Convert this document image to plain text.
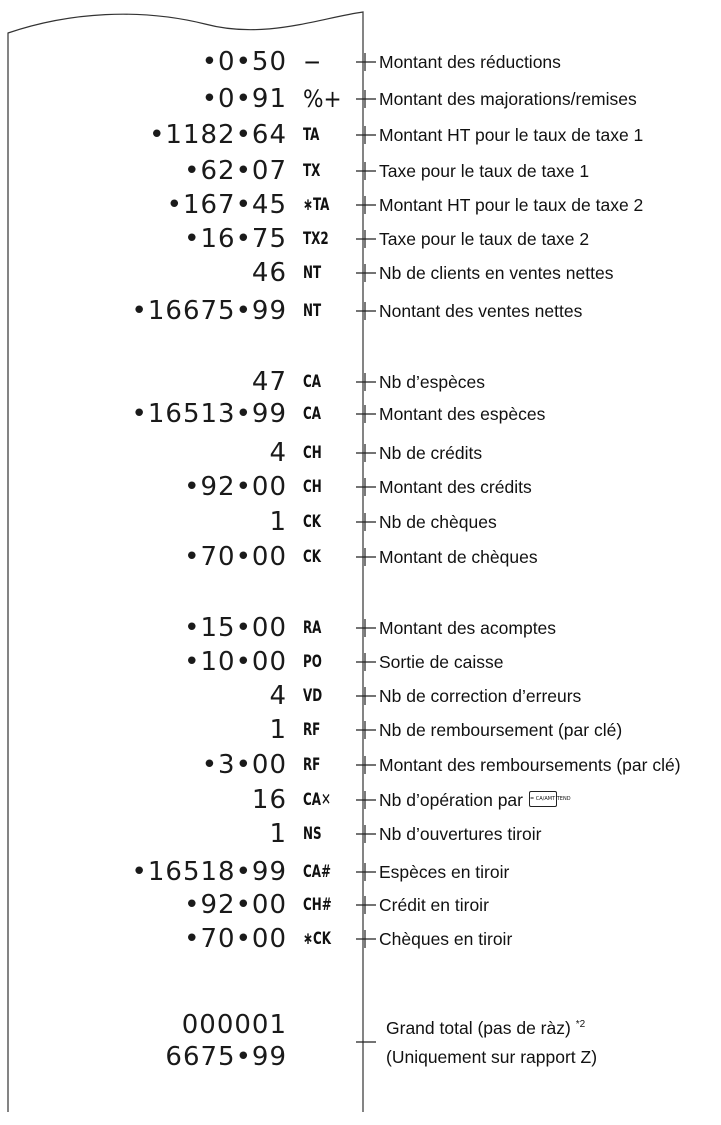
•0•50 −	Montant des réductions
•0•91 %+ Montant des majorations/remises
•1182•64 TA	Montant HT pour le taux de taxe 1
•62•07 TX	Taxe pour le taux de taxe 1
•167•45 ∗TA	Montant HT pour le taux de taxe 2
•16•75 TX2	Taxe pour le taux de taxe 2
46 NT	Nb de clients en ventes nettes
•16675•99 NT	Nontant des ventes nettes
47 CA	Nb d’espèces
•16513•99 CA	Montant des espèces
4 CH	Nb de crédits
•92•00 CH	Montant des crédits
1 CK	Nb de chèques
•70•00 CK	Montant de chèques
•15•00 RA	Montant des acomptes
•10•00 PO	Sortie de caisse
4 VD	Nb de correction d’erreurs
1 RF	Nb de remboursement (par clé)
•3•00 RF	Montant des remboursements (par clé)
16 CA✕	Nb d’opération par = CA/AMT TEND
1 NS	Nb d’ouvertures tiroir
•16518•99 CA#	Espèces en tiroir
•92•00 CH#	Crédit en tiroir
•70•00 ∗CK	Chèques en tiroir
000001	Grand total (pas de ràz) $^{*2}$
6675•99	(Uniquement sur rapport Z)
